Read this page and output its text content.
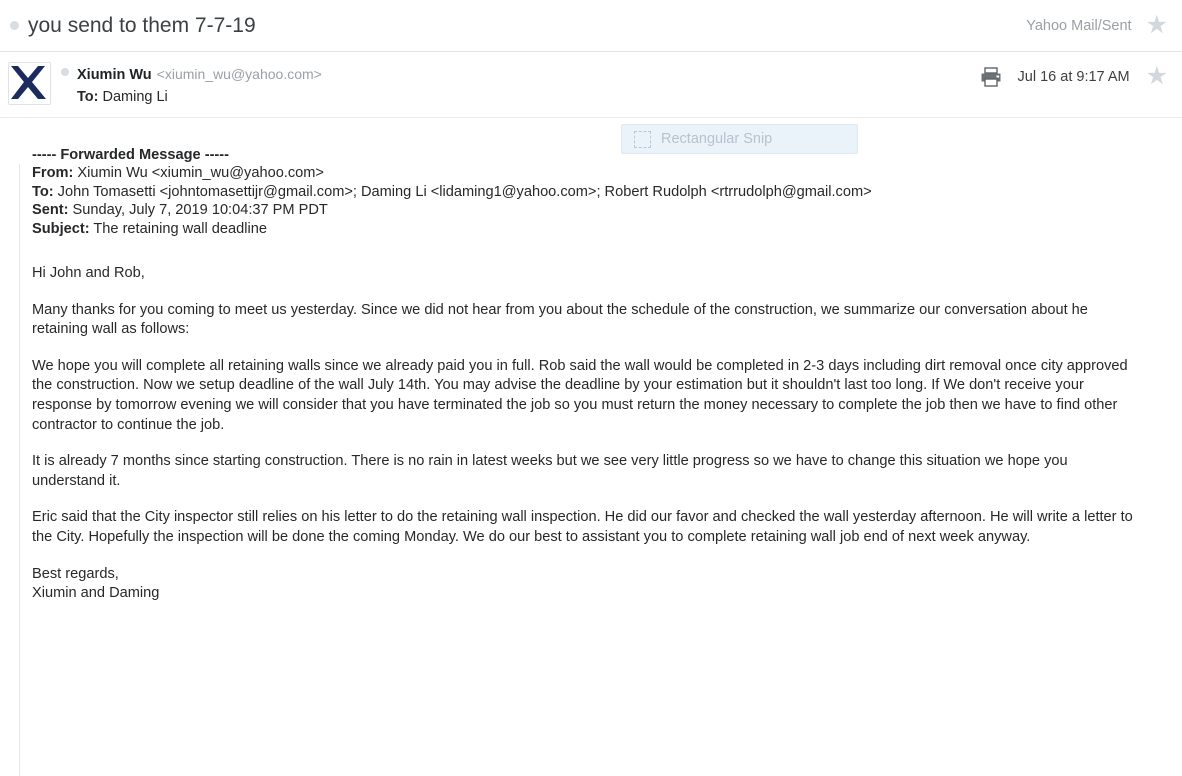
you send to them 7-7-19	Yahoo Mail/Sent ★
Xiumin Wu <xiumin_wu@yahoo.com>
To: Daming Li
Jul 16 at 9:17 AM ★
Rectangular Snip
----- Forwarded Message -----
From: Xiumin Wu <xiumin_wu@yahoo.com>
To: John Tomasetti <johntomasettijr@gmail.com>; Daming Li <lidaming1@yahoo.com>; Robert Rudolph <rtrrudolph@gmail.com>
Sent: Sunday, July 7, 2019 10:04:37 PM PDT
Subject: The retaining wall deadline

Hi John and Rob,

Many thanks for you coming to meet us yesterday. Since we did not hear from you about the schedule of the construction, we summarize our conversation about he retaining wall as follows:

We hope you will complete all retaining walls since we already paid you in full. Rob said the wall would be completed in 2-3 days including dirt removal once city approved the construction. Now we setup deadline of the wall July 14th. You may advise the deadline by your estimation but it shouldn't last too long. If We don't receive your response by tomorrow evening we will consider that you have terminated the job so you must return the money necessary to complete the job then we have to find other contractor to continue the job.

It is already 7 months since starting construction. There is no rain in latest weeks but we see very little progress so we have to change this situation we hope you understand it.

Eric said that the City inspector still relies on his letter to do the retaining wall inspection. He did our favor and checked the wall yesterday afternoon. He will write a letter to the City. Hopefully the inspection will be done the coming Monday. We do our best to assistant you to complete retaining wall job end of next week anyway.

Best regards,

Xiumin and Daming
